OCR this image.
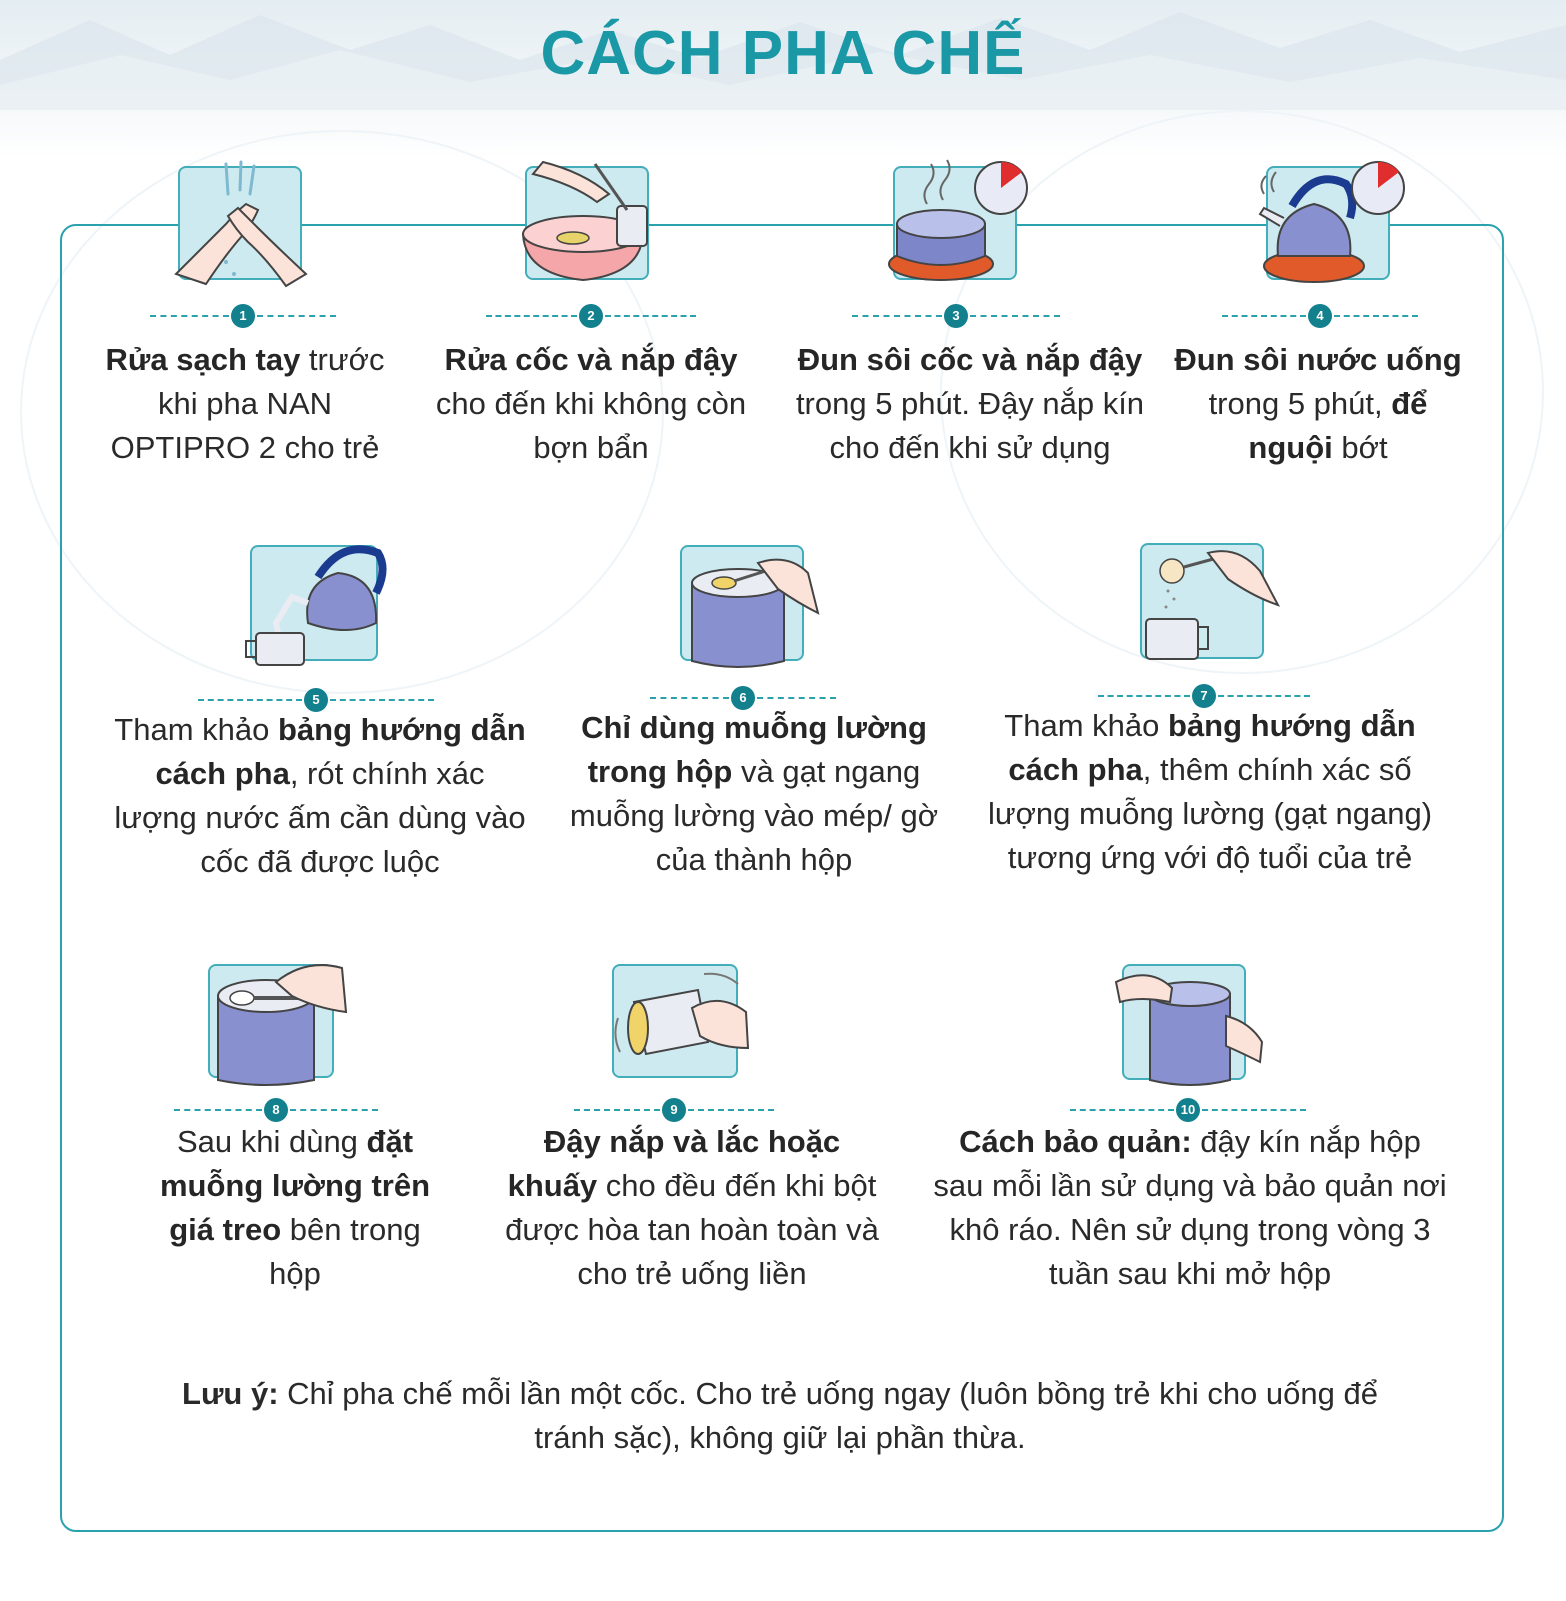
CÁCH PHA CHẾ
1
Rửa sạch tay trước khi pha NAN OPTIPRO 2 cho trẻ
2
Rửa cốc và nắp đậy cho đến khi không còn bợn bẩn
3
Đun sôi cốc và nắp đậy trong 5 phút. Đậy nắp kín cho đến khi sử dụng
4
Đun sôi nước uống trong 5 phút, để nguội bớt
5
Tham khảo bảng hướng dẫn cách pha, rót chính xác lượng nước ấm cần dùng vào cốc đã được luộc
6
Chỉ dùng muỗng lường trong hộp và gạt ngang muỗng lường vào mép/ gờ của thành hộp
7
Tham khảo bảng hướng dẫn cách pha, thêm chính xác số lượng muỗng lường (gạt ngang) tương ứng với độ tuổi của trẻ
8
Sau khi dùng đặt muỗng lường trên giá treo bên trong hộp
9
Đậy nắp và lắc hoặc khuấy cho đều đến khi bột được hòa tan hoàn toàn và cho trẻ uống liền
10
Cách bảo quản: đậy kín nắp hộp sau mỗi lần sử dụng và bảo quản nơi khô ráo. Nên sử dụng trong vòng 3 tuần sau khi mở hộp
Lưu ý: Chỉ pha chế mỗi lần một cốc. Cho trẻ uống ngay (luôn bồng trẻ khi cho uống để tránh sặc), không giữ lại phần thừa.
